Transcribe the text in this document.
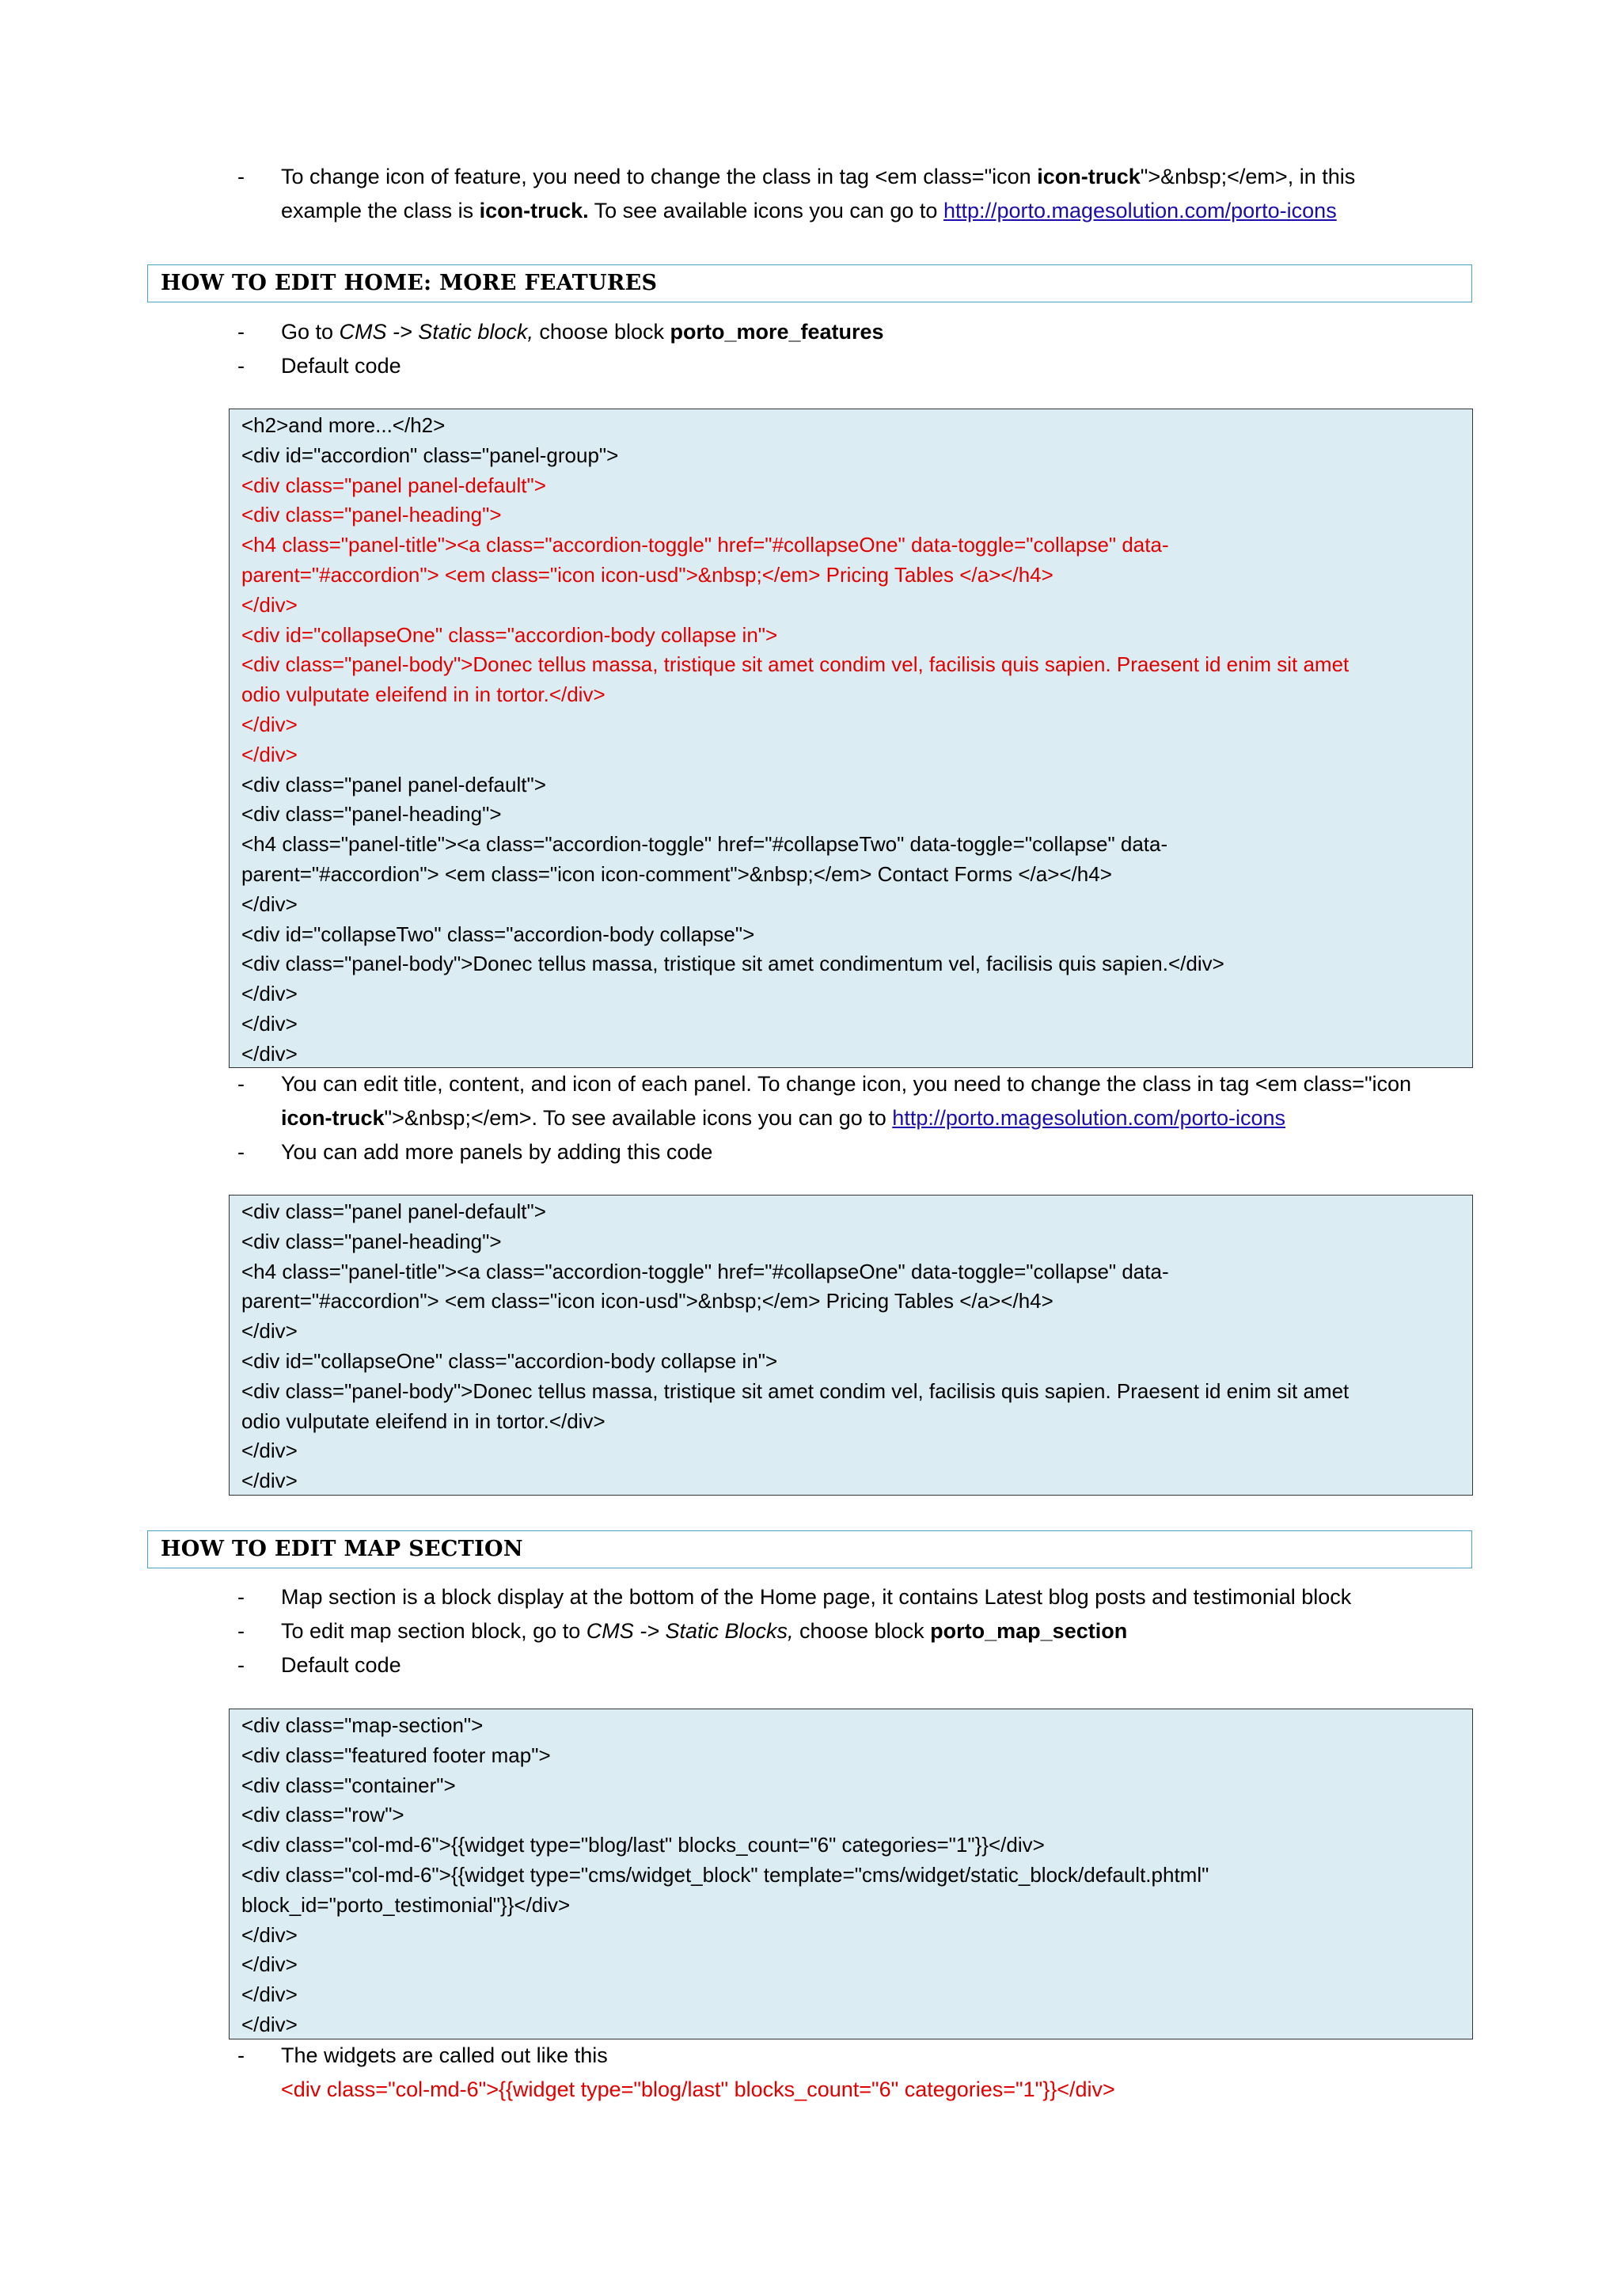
- To change icon of feature, you need to change the class in tag <em class="icon icon-truck">&nbsp;</em>, in this
example the class is icon-truck. To see available icons you can go to http://porto.magesolution.com/porto-icons
HOW TO EDIT HOME: MORE FEATURES
- Go to CMS -> Static block, choose block porto_more_features
- Default code
<h2>and more...</h2>
<div id="accordion" class="panel-group">
<div class="panel panel-default">
<div class="panel-heading">
<h4 class="panel-title"><a class="accordion-toggle" href="#collapseOne" data-toggle="collapse" data-
parent="#accordion"> <em class="icon icon-usd">&nbsp;</em> Pricing Tables </a></h4>
</div>
<div id="collapseOne" class="accordion-body collapse in">
<div class="panel-body">Donec tellus massa, tristique sit amet condim vel, facilisis quis sapien. Praesent id enim sit amet
odio vulputate eleifend in in tortor.</div>
</div>
</div>
<div class="panel panel-default">
<div class="panel-heading">
<h4 class="panel-title"><a class="accordion-toggle" href="#collapseTwo" data-toggle="collapse" data-
parent="#accordion"> <em class="icon icon-comment">&nbsp;</em> Contact Forms </a></h4>
</div>
<div id="collapseTwo" class="accordion-body collapse">
<div class="panel-body">Donec tellus massa, tristique sit amet condimentum vel, facilisis quis sapien.</div>
</div>
</div>
</div>
- You can edit title, content, and icon of each panel. To change icon, you need to change the class in tag <em class="icon
icon-truck">&nbsp;</em>. To see available icons you can go to http://porto.magesolution.com/porto-icons
- You can add more panels by adding this code
<div class="panel panel-default">
<div class="panel-heading">
<h4 class="panel-title"><a class="accordion-toggle" href="#collapseOne" data-toggle="collapse" data-
parent="#accordion"> <em class="icon icon-usd">&nbsp;</em> Pricing Tables </a></h4>
</div>
<div id="collapseOne" class="accordion-body collapse in">
<div class="panel-body">Donec tellus massa, tristique sit amet condim vel, facilisis quis sapien. Praesent id enim sit amet
odio vulputate eleifend in in tortor.</div>
</div>
</div>
HOW TO EDIT MAP SECTION
- Map section is a block display at the bottom of the Home page, it contains Latest blog posts and testimonial block
- To edit map section block, go to CMS -> Static Blocks, choose block porto_map_section
- Default code
<div class="map-section">
<div class="featured footer map">
<div class="container">
<div class="row">
<div class="col-md-6">{{widget type="blog/last" blocks_count="6" categories="1"}}</div>
<div class="col-md-6">{{widget type="cms/widget_block" template="cms/widget/static_block/default.phtml"
block_id="porto_testimonial"}}</div>
</div>
</div>
</div>
</div>
- The widgets are called out like this
<div class="col-md-6">{{widget type="blog/last" blocks_count="6" categories="1"}}</div>
